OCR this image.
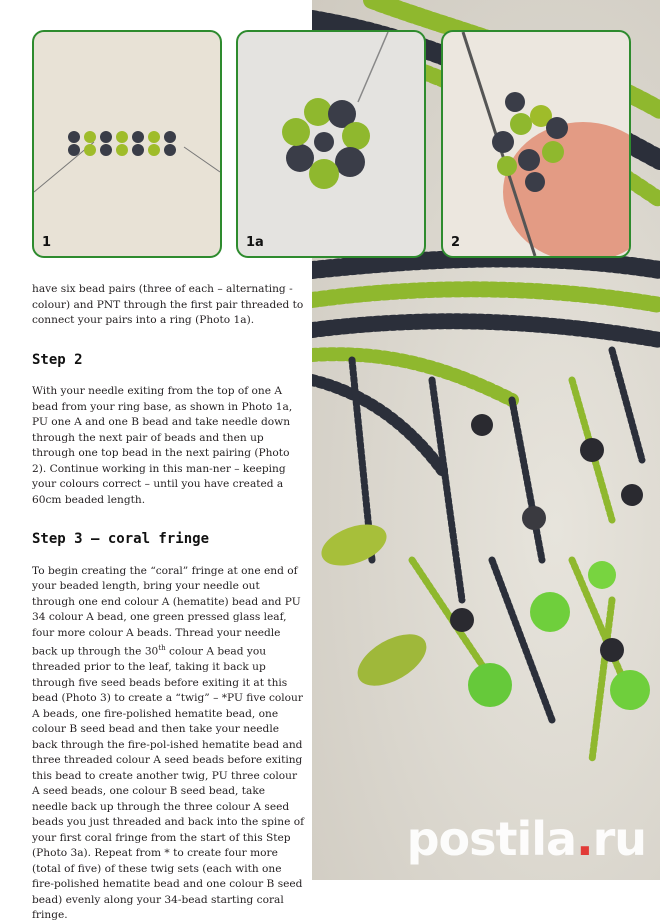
postila.ru
1	1a	2

have six bead pairs (three of each – alternating - colour) and PNT through the first pair threaded to connect your pairs into a ring (Photo 1a).

Step 2

With your needle exiting from the top of one A bead from your ring base, as shown in Photo 1a, PU one A and one B bead and take needle down through the next pair of beads and then up through one top bead in the next pairing (Photo 2). Continue working in this man-ner – keeping your colours correct – until you have created a 60cm beaded length.

Step 3 – coral fringe

To begin creating the “coral” fringe at one end of your beaded length, bring your needle out through one end colour A (hematite) bead and PU 34 colour A bead, one green pressed glass leaf, four more colour A beads. Thread your needle back up through the 30th colour A bead you threaded prior to the leaf, taking it back up through five seed beads before exiting it at this bead (Photo 3) to create a “twig” – *PU five colour A beads, one fire-polished hematite bead, one colour B seed bead and then take your needle back through the fire-pol-ished hematite bead and three threaded colour A seed beads before exiting this bead to create another twig, PU three colour A seed beads, one colour B seed bead, take needle back up through the three colour A seed beads you just threaded and back into the spine of your first coral fringe from the start of this Step (Photo 3a). Repeat from * to create four more (total of five) of these twig sets (each with one fire-polished hematite bead and one colour B seed bead) evenly along your 34-bead starting coral fringe.
